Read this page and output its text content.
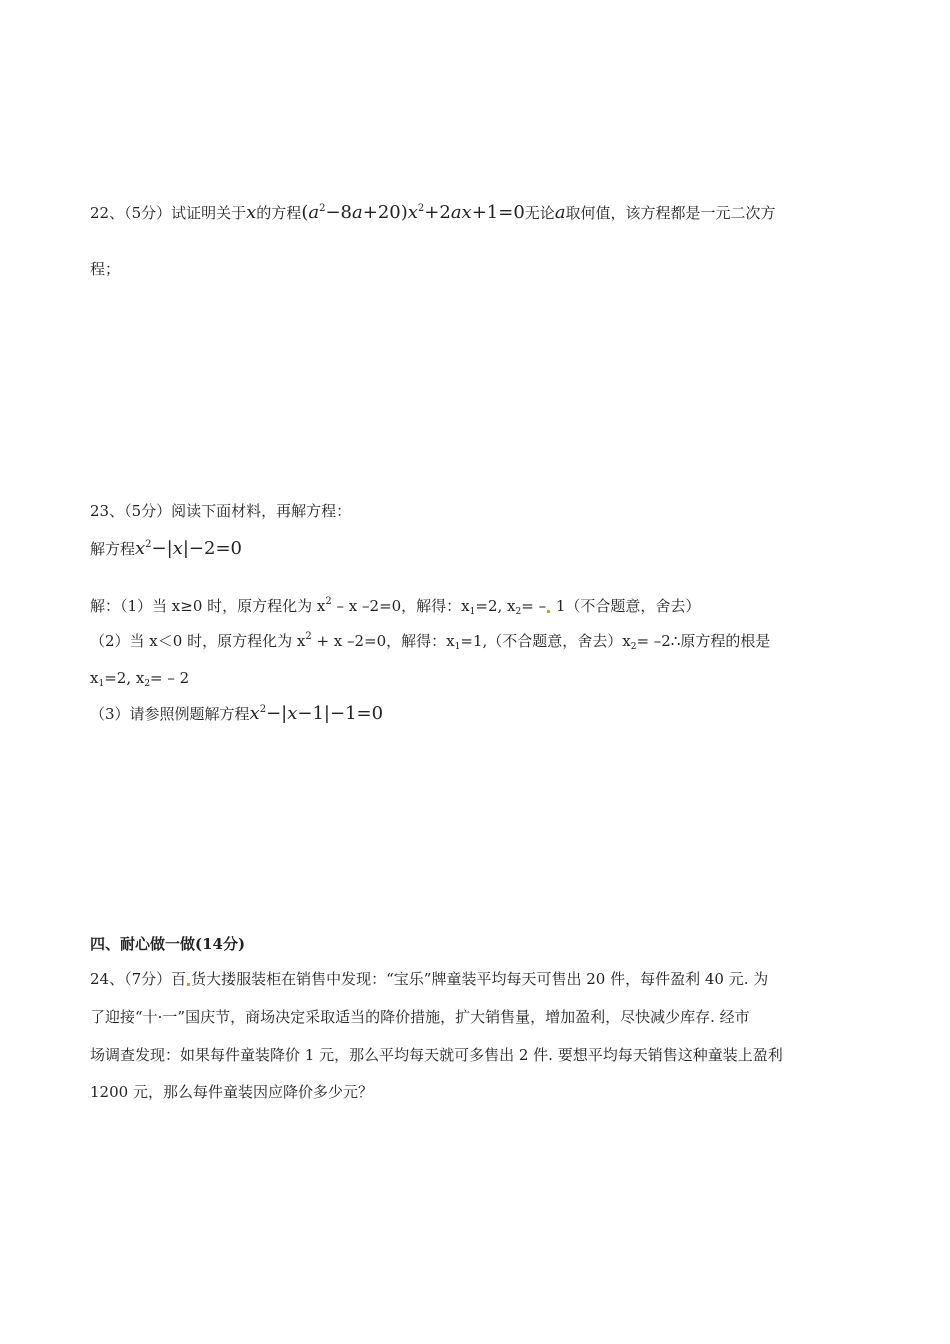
22、（5分）试证明关于x的方程$(a^2-8a+20)x^2+2ax+1=0$无论a取何值，该方程都是一元二次方
程；
23、（5分）阅读下面材料，再解方程：
解方程$x^2-|x|-2=0$
解：（1）当 x≥0 时，原方程化为 $x^2$ – x –2=0，解得：$x_1=2$, $x_2= - 1$（不合题意，舍去）
（2）当 x＜0 时，原方程化为 $x^2 + x$ –2=0，解得：$x_1=1$,（不合题意，舍去）$x_2=$ –2∴原方程的根是
$x_1=2$, $x_2= - 2$
（3）请参照例题解方程$x^2-|x-1|-1=0$
四、耐心做一做(14分)
24、（7分）百 货大搂服装柜在销售中发现：“宝乐”牌童装平均每天可售出 20 件，每件盈利 40 元. 为
了迎接“十·一”国庆节，商场决定采取适当的降价措施，扩大销售量，增加盈利，尽快减少库存. 经市
场调查发现：如果每件童装降价 1 元，那么平均每天就可多售出 2 件. 要想平均每天销售这种童装上盈利
1200 元，那么每件童装因应降价多少元？
